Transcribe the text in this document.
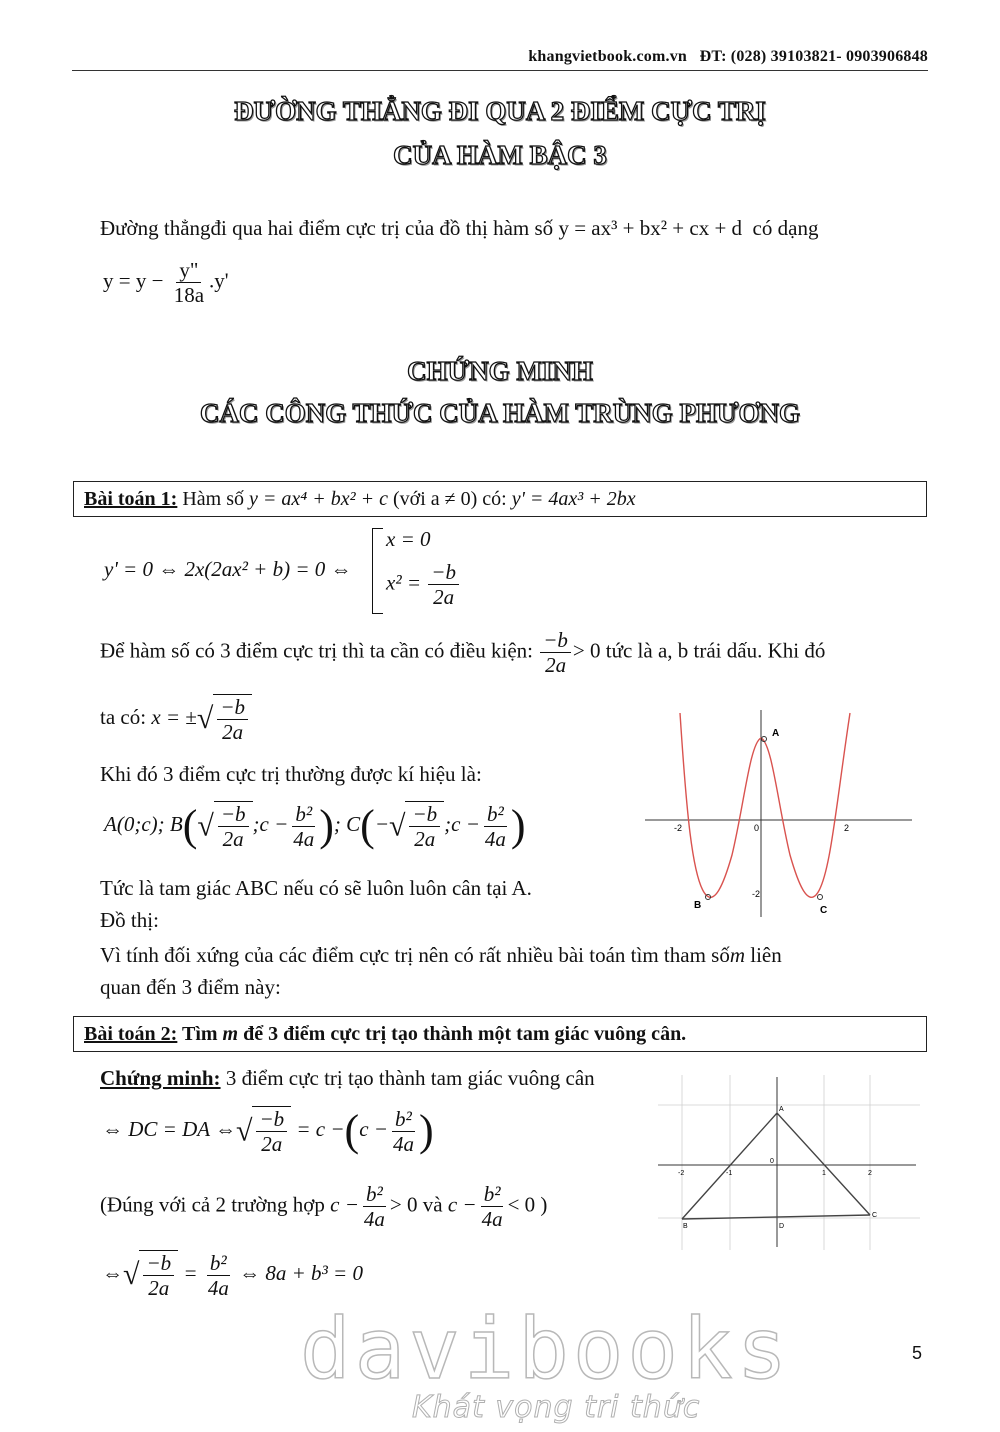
khangvietbook.com.vn ĐT: (028) 39103821- 0903906848
ĐƯỜNG THẲNG ĐI QUA 2 ĐIỂM CỰC TRỊ
CỦA HÀM BẬC 3
Đường thẳngđi qua hai điểm cực trị của đồ thị hàm số y = ax³ + bx² + cx + d có dạng
$y = y - \frac{y"}{18a} .y'$
CHỨNG MINH
CÁC CÔNG THỨC CỦA HÀM TRÙNG PHƯƠNG
Bài toán 1: Hàm số y = ax⁴ + bx² + c (với a ≠ 0) có: y' = 4ax³ + 2bx
y' = 0 ⇔ 2x(2ax² + b) = 0 ⇔
x = 0
$x^2 = \frac{-b}{2a}$
Để hàm số có 3 điểm cực trị thì ta cần có điều kiện: $\frac{-b}{2a} > 0$ tức là a, b trái dấu. Khi đó
ta có: x = ±√ $\frac{-b}{2a}$
Khi đó 3 điểm cực trị thường được kí hiệu là:
A(0;c); $B(√ \frac{-b}{2a}$ ;c − $\frac{\text{b²}}{4a}$ ); $C(-√ \frac{-b}{2a}$ ;c − $\frac{\text{b²}}{4a}$ )
Tức là tam giác ABC nếu có sẽ luôn luôn cân tại A.
Đồ thị:
Vì tính đối xứng của các điểm cực trị nên có rất nhiều bài toán tìm tham sốm liên
quan đến 3 điểm này:
A
B	C
-2	2
0
-2
Bài toán 2: Tìm m để 3 điểm cực trị tạo thành một tam giác vuông cân.
Chứng minh: 3 điểm cực trị tạo thành tam giác vuông cân
⇔ DC = DA ⇔√ $\frac{-b}{2a} = c -(c - \frac{\text{b²}}{4a}$ )
(Đúng với cả 2 trường hợp $c - \frac{\text{b²}}{4a} > 0$ và $c - \frac{\text{b²}}{4a} < 0$ )
⇔√ $\frac{-b}{2a} = \frac{\text{b²}}{4a}$ ⇔ 8a + b³ = 0
A
B
C
D
-2	-1	1	2
0
davibooks
Khát vọng tri thức
5
